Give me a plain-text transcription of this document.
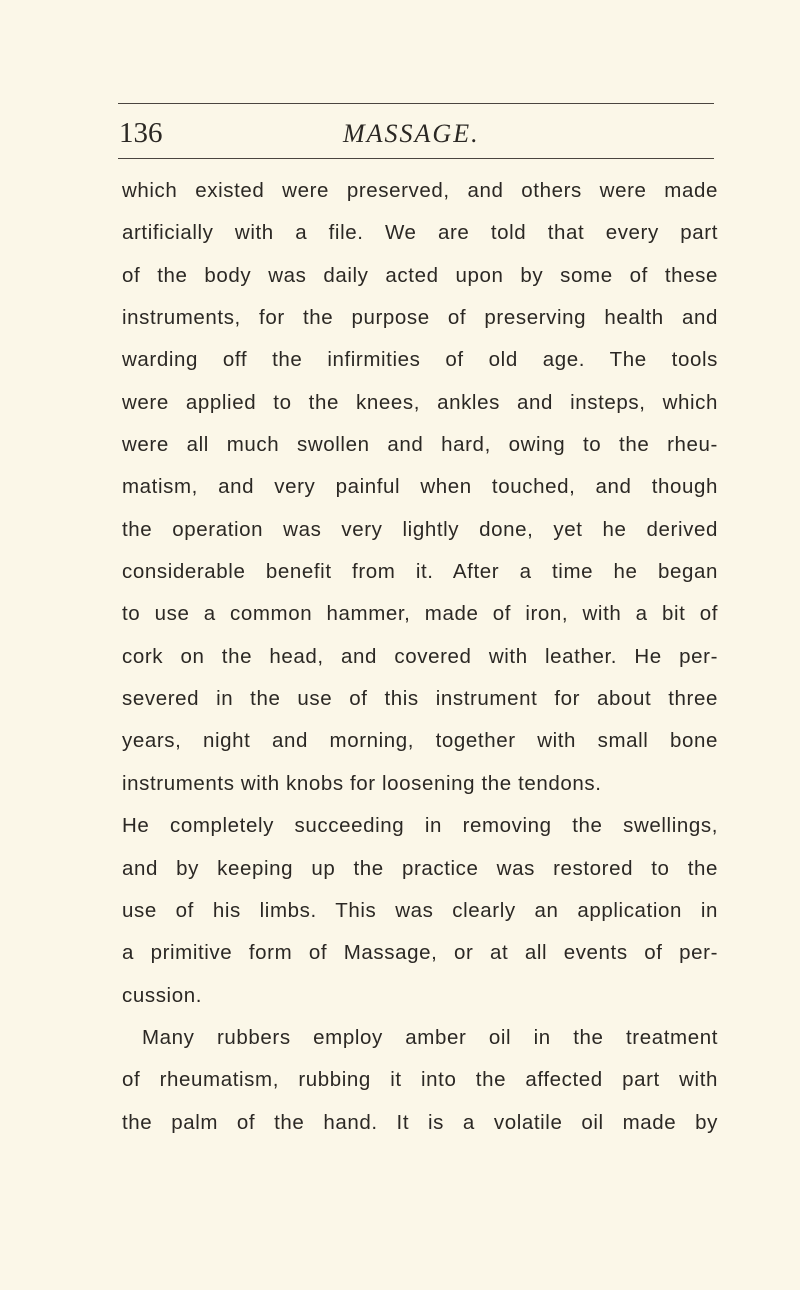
136	MASSAGE.
which existed were preserved, and others were made
artificially with a file. We are told that every part
of the body was daily acted upon by some of these
instruments, for the purpose of preserving health and
warding off the infirmities of old age. The tools
were applied to the knees, ankles and insteps, which
were all much swollen and hard, owing to the rheu-
matism, and very painful when touched, and though
the operation was very lightly done, yet he derived
considerable benefit from it. After a time he began
to use a common hammer, made of iron, with a bit of
cork on the head, and covered with leather. He per-
severed in the use of this instrument for about three
years, night and morning, together with small bone
instruments with knobs for loosening the tendons.
He completely succeeding in removing the swellings,
and by keeping up the practice was restored to the
use of his limbs. This was clearly an application in
a primitive form of Massage, or at all events of per-
cussion.
Many rubbers employ amber oil in the treatment
of rheumatism, rubbing it into the affected part with
the palm of the hand. It is a volatile oil made by
